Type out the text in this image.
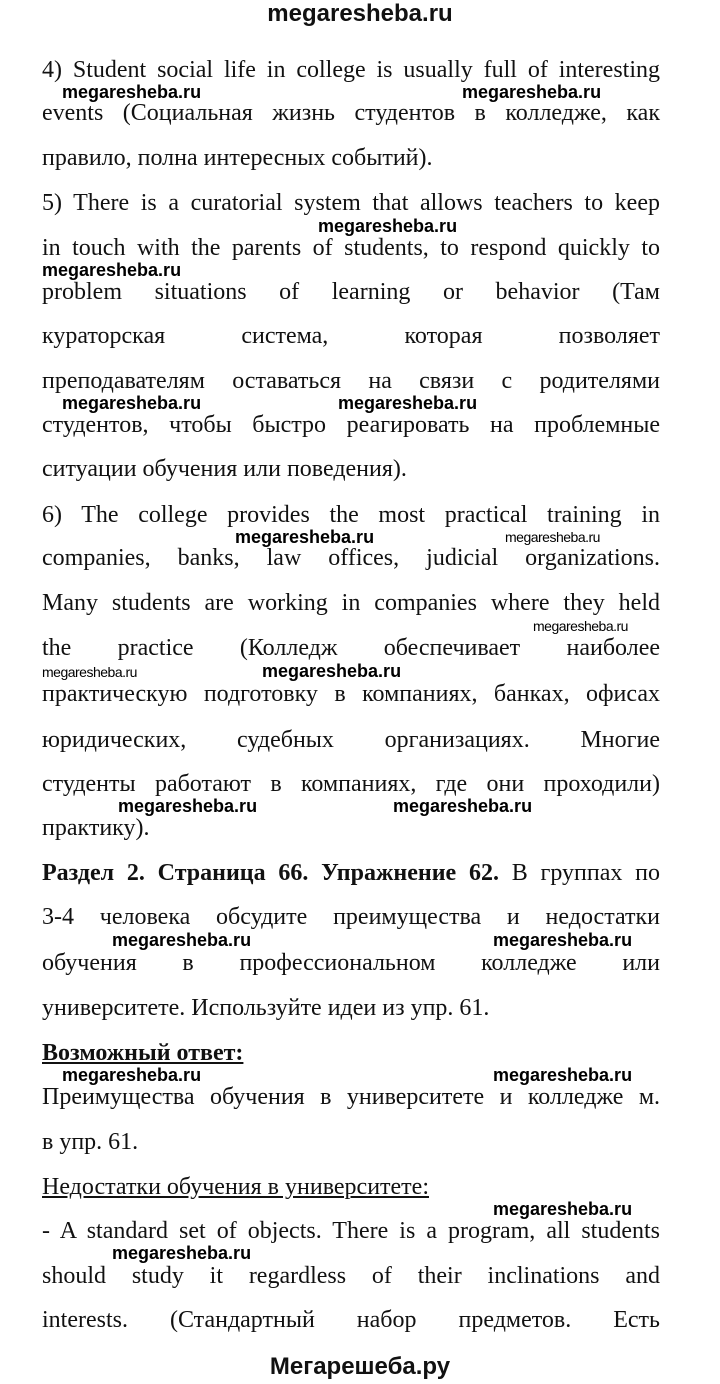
megaresheba.ru
4) Student social life in college is usually full of interesting
events (Социальная жизнь студентов в колледже, как
правило, полна интересных событий).
5) There is a curatorial system that allows teachers to keep
in touch with the parents of students, to respond quickly to
problem situations of learning or behavior (Там
кураторская система, которая позволяет
преподавателям оставаться на связи с родителями
студентов, чтобы быстро реагировать на проблемные
ситуации обучения или поведения).
6) The college provides the most practical training in
companies, banks, law offices, judicial organizations.
Many students are working in companies where they held
the practice (Колледж обеспечивает наиболее
практическую подготовку в компаниях, банках, офисах
юридических, судебных организациях. Многие
студенты работают в компаниях, где они проходили)
практику).
Раздел 2. Страница 66. Упражнение 62. В группах по
3-4 человека обсудите преимущества и недостатки
обучения в профессиональном колледже или
университете. Используйте идеи из упр. 61.
Возможный ответ:
Преимущества обучения в университете и колледже м.
в упр. 61.
Недостатки обучения в университете:
- A standard set of objects. There is a program, all students
should study it regardless of their inclinations and
interests. (Стандартный набор предметов. Есть
megaresheba.ru	megaresheba.ru
megaresheba.ru
megaresheba.ru
megaresheba.ru	megaresheba.ru
megaresheba.ru	megaresheba.ru
megaresheba.ru
megaresheba.ru	megaresheba.ru
megaresheba.ru	megaresheba.ru
megaresheba.ru	megaresheba.ru
megaresheba.ru	megaresheba.ru
megaresheba.ru
megaresheba.ru
Мегарешеба.ру
